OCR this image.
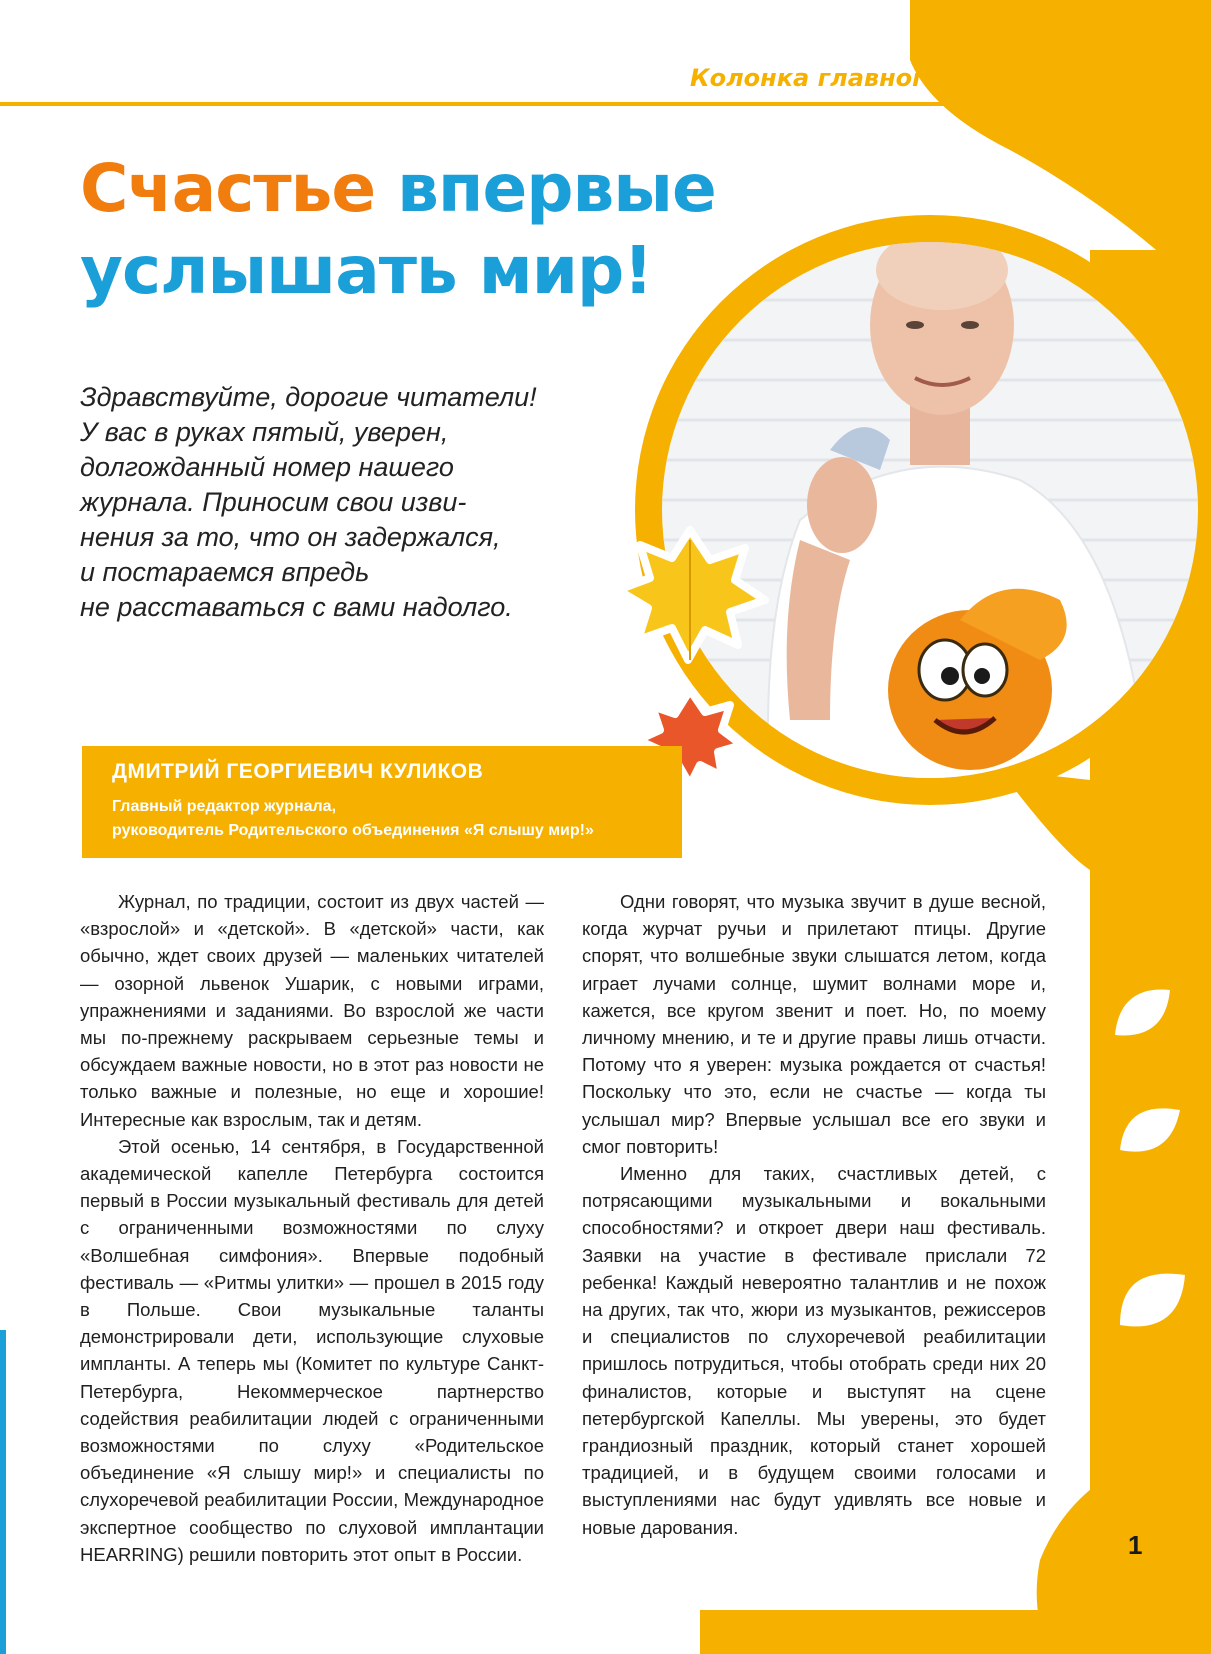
Колонка главного редактора
Счастье впервые
услышать мир!
Здравствуйте, дорогие читатели!
У вас в руках пятый, уверен,
долгожданный номер нашего
журнала. Приносим свои изви-
нения за то, что он задержался,
и постараемся впредь
не расставаться с вами надолго.
ДМИТРИЙ ГЕОРГИЕВИЧ КУЛИКОВ
Главный редактор журнала,
руководитель Родительского объединения «Я слышу мир!»

Журнал, по традиции, состоит из двух частей — «взрослой» и «детской». В «детской» части, как обычно, ждет своих друзей — маленьких читателей — озорной львенок Ушарик, с новыми играми, упражнениями и заданиями. Во взрослой же части мы по-прежнему раскрываем серьезные темы и обсуждаем важные новости, но в этот раз новости не только важные и полезные, но еще и хорошие! Интересные как взрослым, так и детям.

Этой осенью, 14 сентября, в Государственной академической капелле Петербурга состоится первый в России музыкальный фестиваль для детей с ограниченными возможностями по слуху «Волшебная симфония». Впервые подобный фестиваль — «Ритмы улитки» — прошел в 2015 году в Польше. Свои музыкальные таланты демонстрировали дети, использующие слуховые импланты. А теперь мы (Комитет по культуре Санкт-Петербурга, Некоммерческое партнерство содействия реабилитации людей с ограниченными возможностями по слуху «Родительское объединение «Я слышу мир!» и специалисты по слухоречевой реабилитации России, Международное экспертное сообщество по слуховой имплантации HEARRING) решили повторить этот опыт в России.

Одни говорят, что музыка звучит в душе весной, когда журчат ручьи и прилетают птицы. Другие спорят, что волшебные звуки слышатся летом, когда играет лучами солнце, шумит волнами море и, кажется, все кругом звенит и поет. Но, по моему личному мнению, и те и другие правы лишь отчасти. Потому что я уверен: музыка рождается от счастья! Поскольку что это, если не счастье — когда ты услышал мир? Впервые услышал все его звуки и смог повторить!

Именно для таких, счастливых детей, с потрясающими музыкальными и вокальными способностями? и откроет двери наш фестиваль. Заявки на участие в фестивале прислали 72 ребенка! Каждый невероятно талантлив и не похож на других, так что, жюри из музыкантов, режиссеров и специалистов по слухоречевой реабилитации пришлось потрудиться, чтобы отобрать среди них 20 финалистов, которые и выступят на сцене петербургской Капеллы. Мы уверены, это будет грандиозный праздник, который станет хорошей традицией, и в будущем своими голосами и выступлениями нас будут удивлять все новые и новые дарования.

1
